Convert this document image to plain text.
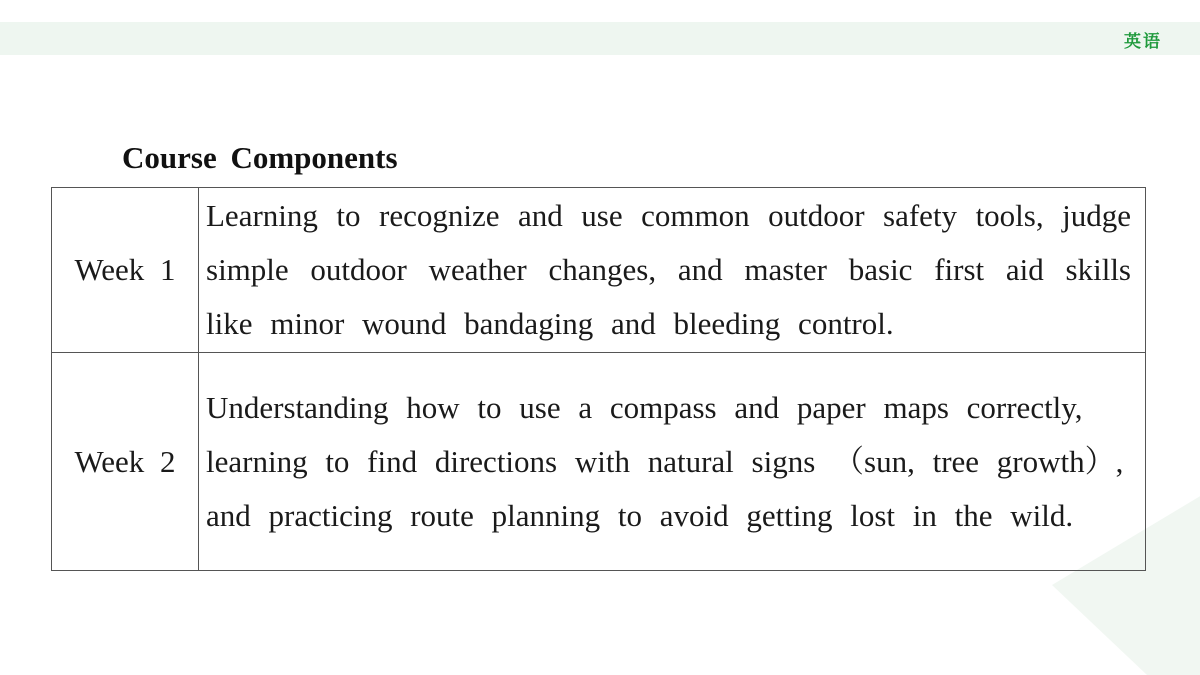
英语
Course Components
Week 1	Learning to recognize and use common outdoor safety tools, judge simple outdoor weather changes, and master basic first aid skills like minor wound bandaging and bleeding control.
Week 2	Understanding how to use a compass and paper maps correctly, learning to find directions with natural signs （sun, tree growth）, and practicing route planning to avoid getting lost in the wild.
